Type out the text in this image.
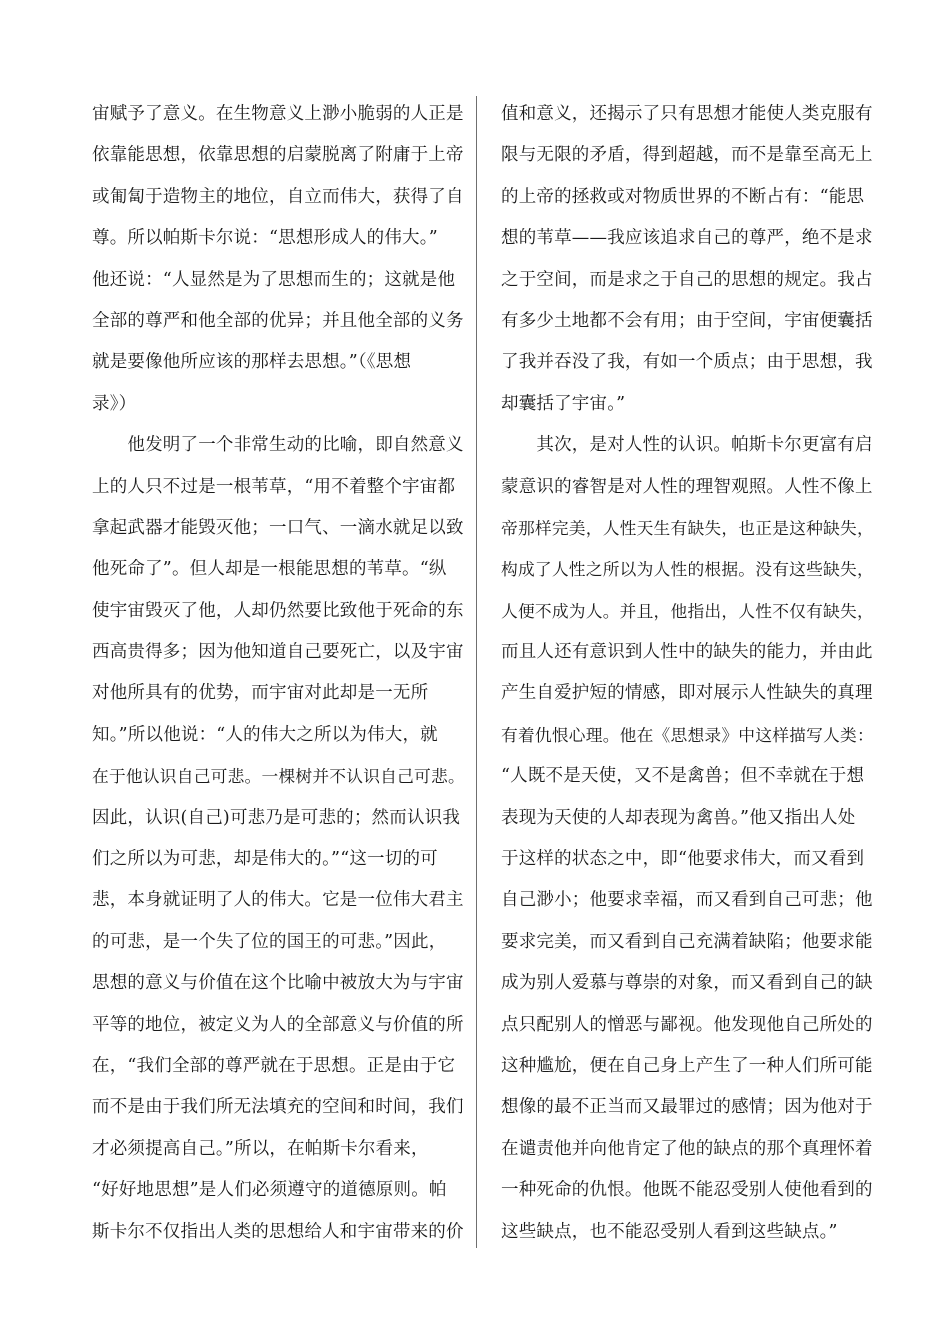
宙赋予了意义。在生物意义上渺小脆弱的人正是
依靠能思想，依靠思想的启蒙脱离了附庸于上帝
或匍匐于造物主的地位，自立而伟大，获得了自
尊。所以帕斯卡尔说：“思想形成人的伟大。”
他还说：“人显然是为了思想而生的；这就是他
全部的尊严和他全部的优异；并且他全部的义务
就是要像他所应该的那样去思想。”（《思想
录》）
　　他发明了一个非常生动的比喻，即自然意义
上的人只不过是一根苇草，“用不着整个宇宙都
拿起武器才能毁灭他；一口气、一滴水就足以致
他死命了”。但人却是一根能思想的苇草。“纵
使宇宙毁灭了他，人却仍然要比致他于死命的东
西高贵得多；因为他知道自己要死亡，以及宇宙
对他所具有的优势，而宇宙对此却是一无所
知。”所以他说：“人的伟大之所以为伟大，就
在于他认识自己可悲。一棵树并不认识自己可悲。
因此，认识(自己)可悲乃是可悲的；然而认识我
们之所以为可悲，却是伟大的。”“这一切的可
悲，本身就证明了人的伟大。它是一位伟大君主
的可悲，是一个失了位的国王的可悲。”因此，
思想的意义与价值在这个比喻中被放大为与宇宙
平等的地位，被定义为人的全部意义与价值的所
在，“我们全部的尊严就在于思想。正是由于它
而不是由于我们所无法填充的空间和时间，我们
才必须提高自己。”所以，在帕斯卡尔看来，
“好好地思想”是人们必须遵守的道德原则。帕
斯卡尔不仅指出人类的思想给人和宇宙带来的价
值和意义，还揭示了只有思想才能使人类克服有
限与无限的矛盾，得到超越，而不是靠至高无上
的上帝的拯救或对物质世界的不断占有：“能思
想的苇草——我应该追求自己的尊严，绝不是求
之于空间，而是求之于自己的思想的规定。我占
有多少土地都不会有用；由于空间，宇宙便囊括
了我并吞没了我，有如一个质点；由于思想，我
却囊括了宇宙。”
　　其次，是对人性的认识。帕斯卡尔更富有启
蒙意识的睿智是对人性的理智观照。人性不像上
帝那样完美，人性天生有缺失，也正是这种缺失，
构成了人性之所以为人性的根据。没有这些缺失，
人便不成为人。并且，他指出，人性不仅有缺失，
而且人还有意识到人性中的缺失的能力，并由此
产生自爱护短的情感，即对展示人性缺失的真理
有着仇恨心理。他在《思想录》中这样描写人类：
“人既不是天使，又不是禽兽；但不幸就在于想
表现为天使的人却表现为禽兽。”他又指出人处
于这样的状态之中，即“他要求伟大，而又看到
自己渺小；他要求幸福，而又看到自己可悲；他
要求完美，而又看到自己充满着缺陷；他要求能
成为别人爱慕与尊崇的对象，而又看到自己的缺
点只配别人的憎恶与鄙视。他发现他自己所处的
这种尴尬，便在自己身上产生了一种人们所可能
想像的最不正当而又最罪过的感情；因为他对于
在谴责他并向他肯定了他的缺点的那个真理怀着
一种死命的仇恨。他既不能忍受别人使他看到的
这些缺点，也不能忍受别人看到这些缺点。”
